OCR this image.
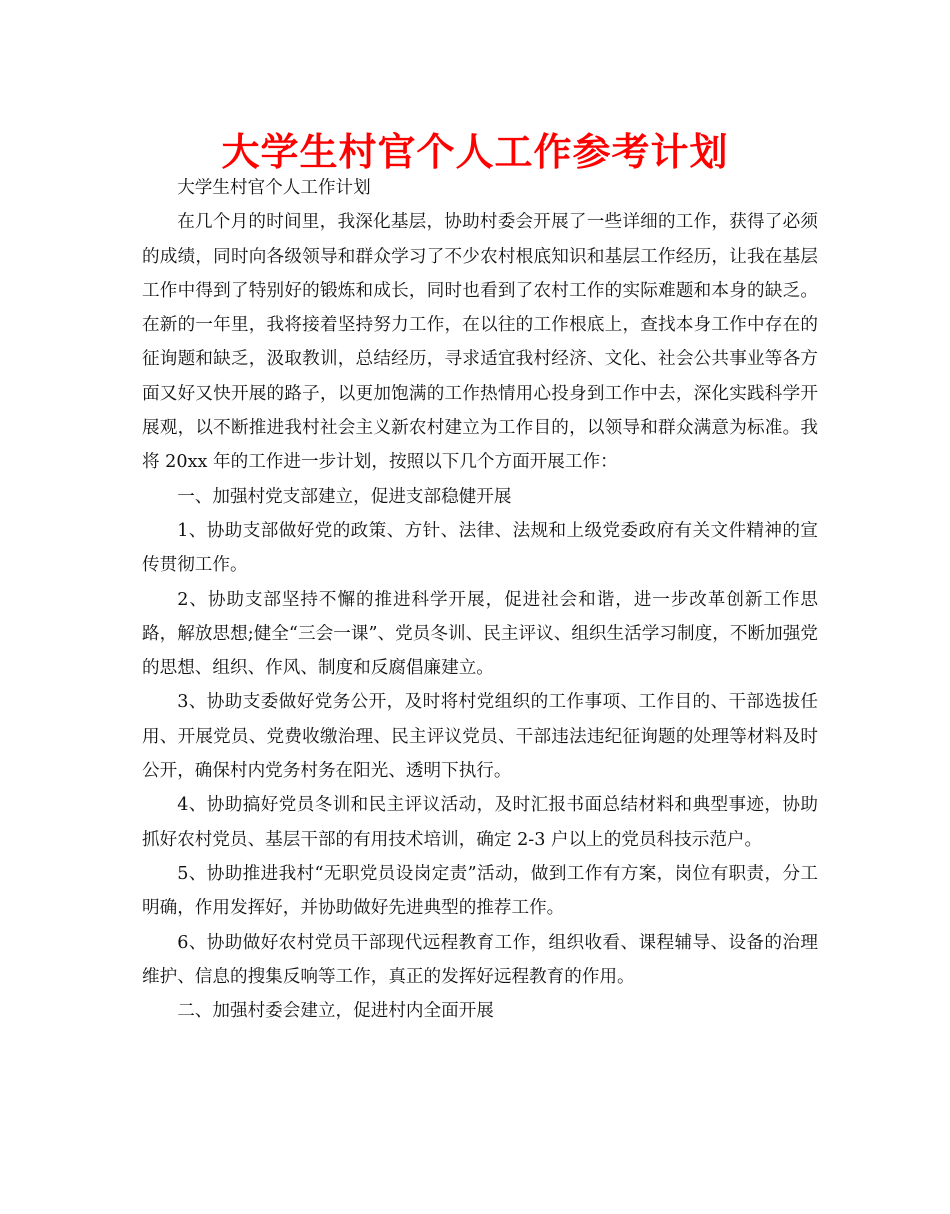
大学生村官个人工作参考计划

大学生村官个人工作计划

在几个月的时间里，我深化基层，协助村委会开展了一些详细的工作，获得了必须的成绩，同时向各级领导和群众学习了不少农村根底知识和基层工作经历，让我在基层工作中得到了特别好的锻炼和成长，同时也看到了农村工作的实际难题和本身的缺乏。在新的一年里，我将接着坚持努力工作，在以往的工作根底上，查找本身工作中存在的征询题和缺乏，汲取教训，总结经历，寻求适宜我村经济、文化、社会公共事业等各方面又好又快开展的路子，以更加饱满的工作热情用心投身到工作中去，深化实践科学开展观，以不断推进我村社会主义新农村建立为工作目的，以领导和群众满意为标准。我将 20xx 年的工作进一步计划，按照以下几个方面开展工作：

一、加强村党支部建立，促进支部稳健开展

1、协助支部做好党的政策、方针、法律、法规和上级党委政府有关文件精神的宣传贯彻工作。

2、协助支部坚持不懈的推进科学开展，促进社会和谐，进一步改革创新工作思路，解放思想;健全“三会一课”、党员冬训、民主评议、组织生活学习制度，不断加强党的思想、组织、作风、制度和反腐倡廉建立。

3、协助支委做好党务公开，及时将村党组织的工作事项、工作目的、干部选拔任用、开展党员、党费收缴治理、民主评议党员、干部违法违纪征询题的处理等材料及时公开，确保村内党务村务在阳光、透明下执行。

4、协助搞好党员冬训和民主评议活动，及时汇报书面总结材料和典型事迹，协助抓好农村党员、基层干部的有用技术培训，确定 2-3 户以上的党员科技示范户。

5、协助推进我村“无职党员设岗定责”活动，做到工作有方案，岗位有职责，分工明确，作用发挥好，并协助做好先进典型的推荐工作。

6、协助做好农村党员干部现代远程教育工作，组织收看、课程辅导、设备的治理维护、信息的搜集反响等工作，真正的发挥好远程教育的作用。

二、加强村委会建立，促进村内全面开展
